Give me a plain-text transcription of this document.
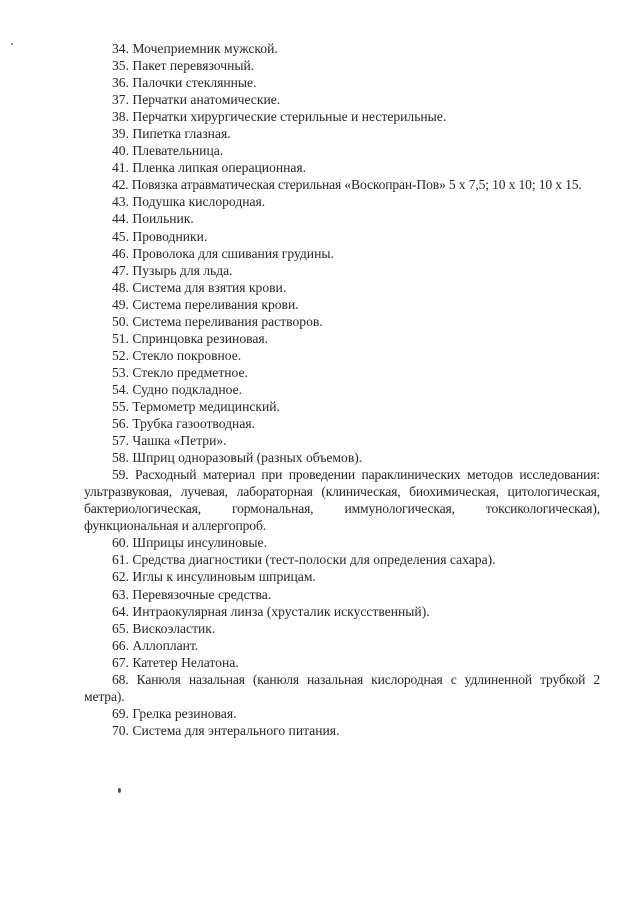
34. Мочеприемник мужской.

35. Пакет перевязочный.

36. Палочки стеклянные.

37. Перчатки анатомические.

38. Перчатки хирургические стерильные и нестерильные.

39. Пипетка глазная.

40. Плевательница.

41. Пленка липкая операционная.

42. Повязка атравматическая стерильная «Воскопран-Пов» 5 x 7,5; 10 x 10; 10 x 15.

43. Подушка кислородная.

44. Поильник.

45. Проводники.

46. Проволока для сшивания грудины.

47. Пузырь для льда.

48. Система для взятия крови.

49. Система переливания крови.

50. Система переливания растворов.

51. Спринцовка резиновая.

52. Стекло покровное.

53. Стекло предметное.

54. Судно подкладное.

55. Термометр медицинский.

56. Трубка газоотводная.

57. Чашка «Петри».

58. Шприц одноразовый (разных объемов).

59. Расходный материал при проведении параклинических методов исследования: ультразвуковая, лучевая, лабораторная (клиническая, биохимическая, цитологическая, бактериологическая, гормональная, иммунологическая, токсикологическая), функциональная и аллергопроб.

60. Шприцы инсулиновые.

61. Средства диагностики (тест-полоски для определения сахара).

62. Иглы к инсулиновым шприцам.

63. Перевязочные средства.

64. Интраокулярная линза (хрусталик искусственный).

65. Вискоэластик.

66. Аллоплант.

67. Катетер Нелатона.

68. Канюля назальная (канюля назальная кислородная с удлиненной трубкой 2 метра).

69. Грелка резиновая.

70. Система для энтерального питания.
